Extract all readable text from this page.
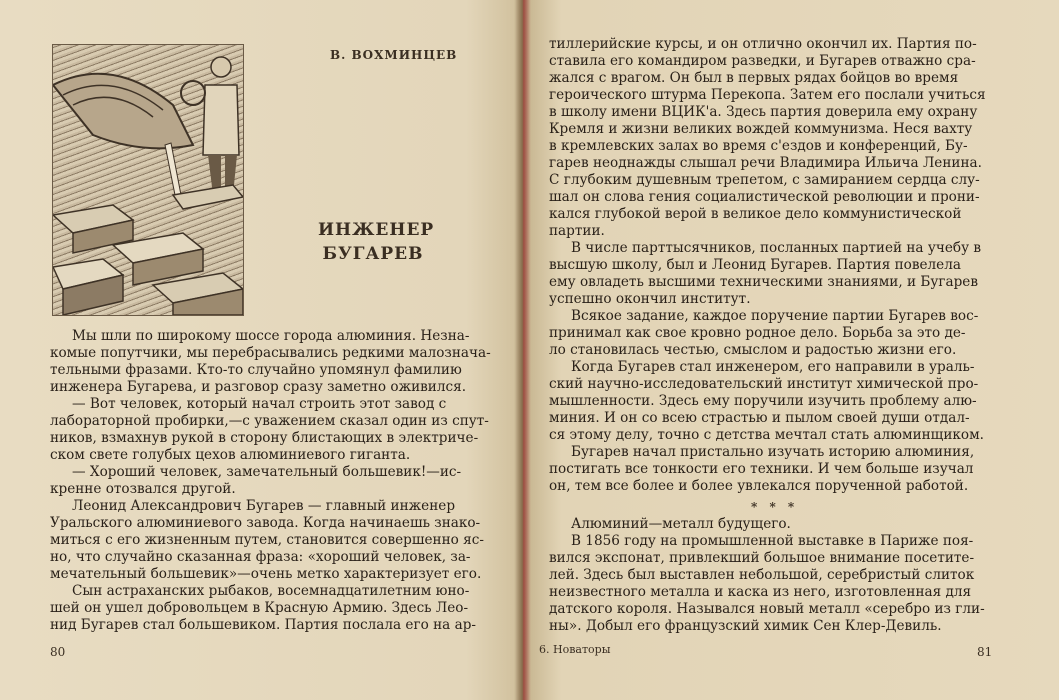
В. ВОХМИНЦЕВ
ИНЖЕНЕР
БУГАРЕВ

Мы шли по широкому шоссе города алюминия. Незна-

комые попутчики, мы перебрасывались редкими малознача-

тельными фразами. Кто-то случайно упомянул фамилию

инженера Бугарева, и разговор сразу заметно оживился.

— Вот человек, который начал строить этот завод с

лабораторной пробирки,—с уважением сказал один из спут-

ников, взмахнув рукой в сторону блистающих в электриче-

ском свете голубых цехов алюминиевого гиганта.

— Хороший человек, замечательный большевик!—ис-

кренне отозвался другой.

Леонид Александрович Бугарев — главный инженер

Уральского алюминиевого завода. Когда начинаешь знако-

миться с его жизненным путем, становится совершенно яс-

но, что случайно сказанная фраза: «хороший человек, за-

мечательный большевик»—очень метко характеризует его.

Сын астраханских рыбаков, восемнадцатилетним юно-

шей он ушел добровольцем в Красную Армию. Здесь Лео-

нид Бугарев стал большевиком. Партия послала его на ар-

80

тиллерийские курсы, и он отлично окончил их. Партия по-

ставила его командиром разведки, и Бугарев отважно сра-

жался с врагом. Он был в первых рядах бойцов во время

героического штурма Перекопа. Затем его послали учиться

в школу имени ВЦИК'а. Здесь партия доверила ему охрану

Кремля и жизни великих вождей коммунизма. Неся вахту

в кремлевских залах во время с'ездов и конференций, Бу-

гарев неоднажды слышал речи Владимира Ильича Ленина.

С глубоким душевным трепетом, с замиранием сердца слу-

шал он слова гения социалистической революции и прони-

кался глубокой верой в великое дело коммунистической

партии.

В числе парттысячников, посланных партией на учебу в

высшую школу, был и Леонид Бугарев. Партия повелела

ему овладеть высшими техническими знаниями, и Бугарев

успешно окончил институт.

Всякое задание, каждое поручение партии Бугарев вос-

принимал как свое кровно родное дело. Борьба за это де-

ло становилась честью, смыслом и радостью жизни его.

Когда Бугарев стал инженером, его направили в ураль-

ский научно-исследовательский институт химической про-

мышленности. Здесь ему поручили изучить проблему алю-

миния. И он со всею страстью и пылом своей души отдал-

ся этому делу, точно с детства мечтал стать алюминщиком.

Бугарев начал пристально изучать историю алюминия,

постигать все тонкости его техники. И чем больше изучал

он, тем все более и более увлекался порученной работой.

* * *

Алюминий—металл будущего.

В 1856 году на промышленной выставке в Париже поя-

вился экспонат, привлекший большое внимание посетите-

лей. Здесь был выставлен небольшой, серебристый слиток

неизвестного металла и каска из него, изготовленная для

датского короля. Назывался новый металл «серебро из гли-

ны». Добыл его французский химик Сен Клер-Девиль.

6. Новаторы	81
